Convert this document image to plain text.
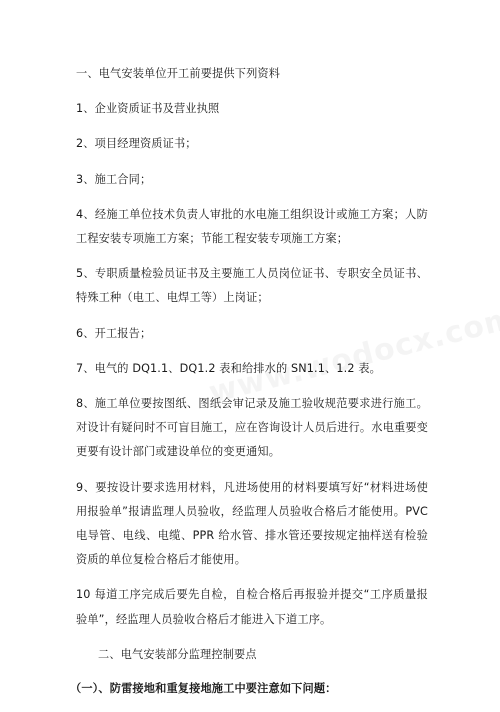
一、电气安装单位开工前要提供下列资料

1、企业资质证书及营业执照

2、项目经理资质证书；

3、施工合同；

4、经施工单位技术负责人审批的水电施工组织设计或施工方案；人防工程安装专项施工方案；节能工程安装专项施工方案；

5、专职质量检验员证书及主要施工人员岗位证书、专职安全员证书、特殊工种（电工、电焊工等）上岗证；

6、开工报告；

7、电气的 DQ1.1、DQ1.2 表和给排水的 SN1.1、1.2 表。

8、施工单位要按图纸、图纸会审记录及施工验收规范要求进行施工。对设计有疑问时不可盲目施工，应在咨询设计人员后进行。水电重要变更要有设计部门或建设单位的变更通知。

9、要按设计要求选用材料，凡进场使用的材料要填写好“材料进场使用报验单”报请监理人员验收，经监理人员验收合格后才能使用。PVC 电导管、电线、电缆、PPR 给水管、排水管还要按规定抽样送有检验资质的单位复检合格后才能使用。

10 每道工序完成后要先自检，自检合格后再报验并提交“工序质量报验单”，经监理人员验收合格后才能进入下道工序。

二、电气安装部分监理控制要点

（一）、防雷接地和重复接地施工中要注意如下问题：
